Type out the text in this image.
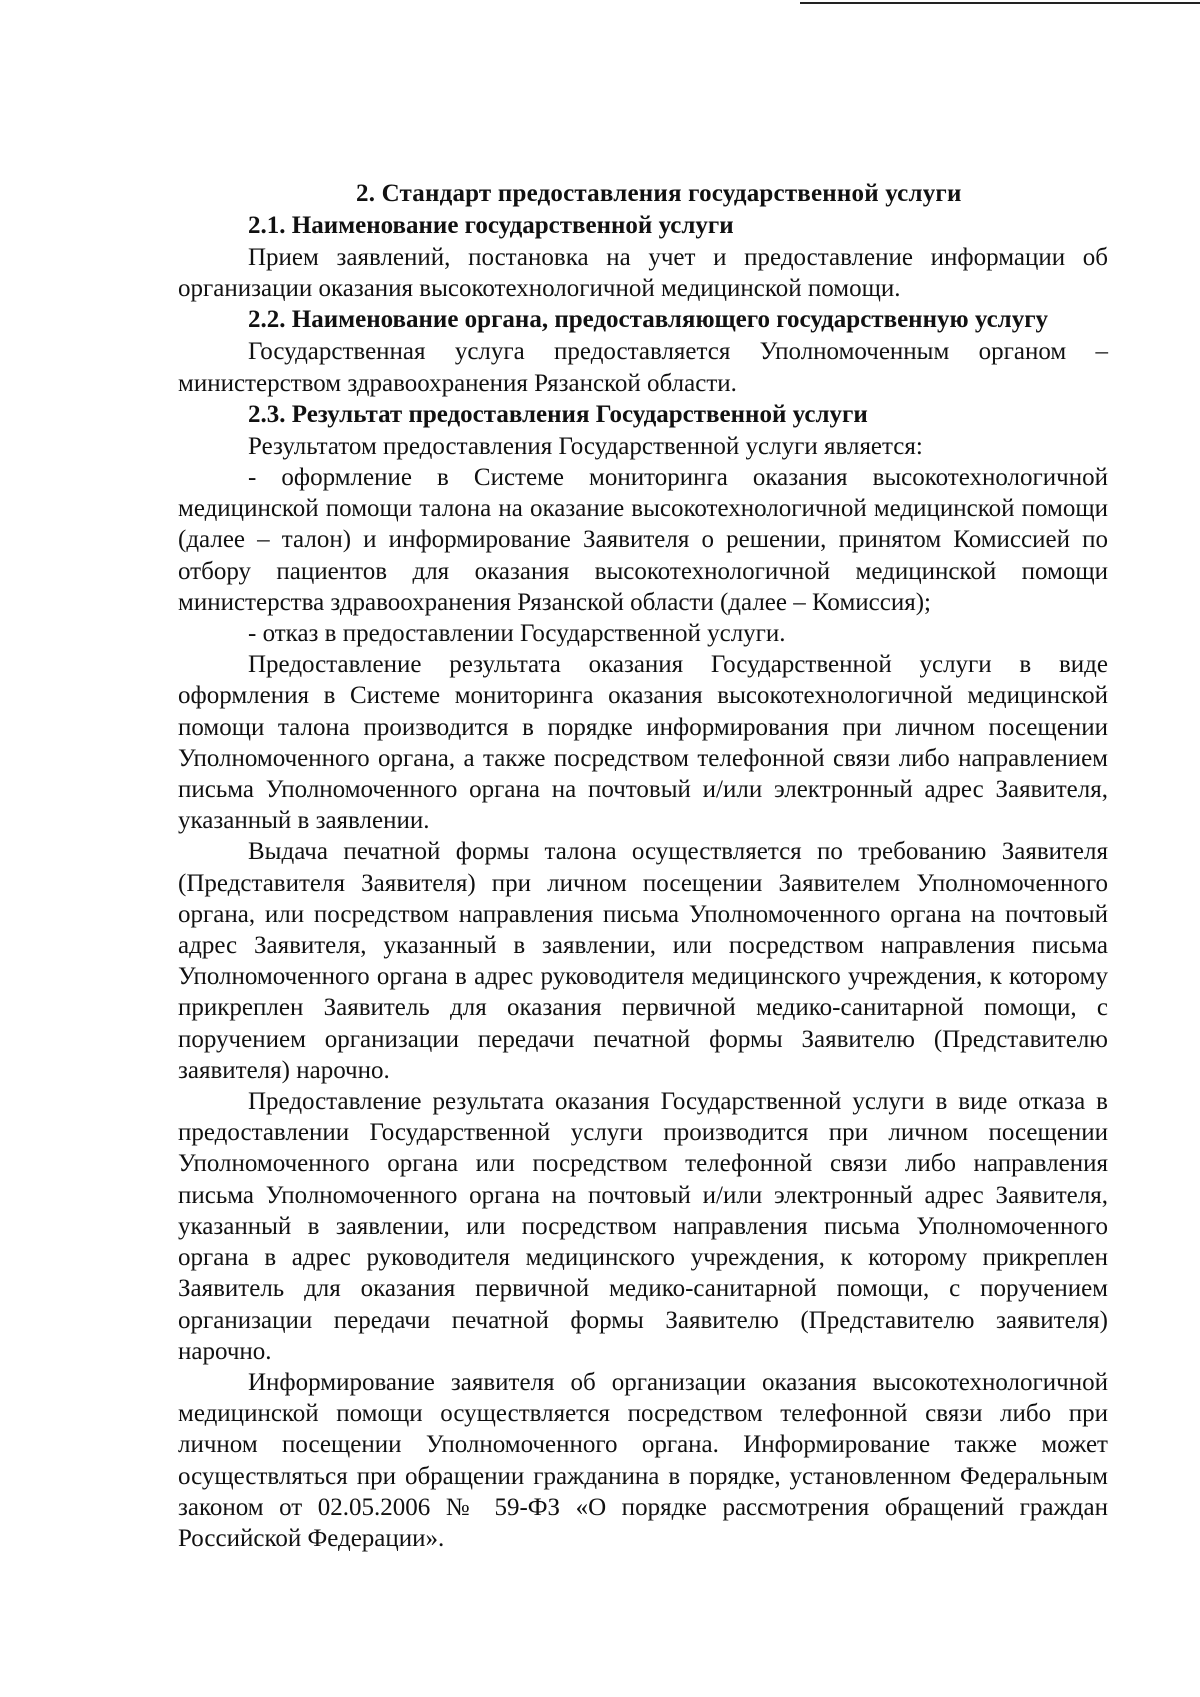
2. Стандарт предоставления государственной услуги

2.1. Наименование государственной услуги

Прием заявлений, постановка на учет и предоставление информации об организации оказания высокотехнологичной медицинской помощи.

2.2. Наименование органа, предоставляющего государственную услугу

Государственная услуга предоставляется Уполномоченным органом – министерством здравоохранения Рязанской области.

2.3. Результат предоставления Государственной услуги

Результатом предоставления Государственной услуги является:

- оформление в Системе мониторинга оказания высокотехнологичной медицинской помощи талона на оказание высокотехнологичной медицинской помощи (далее – талон) и информирование Заявителя о решении, принятом Комиссией по отбору пациентов для оказания высокотехнологичной медицинской помощи министерства здравоохранения Рязанской области (далее – Комиссия);

- отказ в предоставлении Государственной услуги.

Предоставление результата оказания Государственной услуги в виде оформления в Системе мониторинга оказания высокотехнологичной медицинской помощи талона производится в порядке информирования при личном посещении Уполномоченного органа, а также посредством телефонной связи либо направлением письма Уполномоченного органа на почтовый и/или электронный адрес Заявителя, указанный в заявлении.

Выдача печатной формы талона осуществляется по требованию Заявителя (Представителя Заявителя) при личном посещении Заявителем Уполномоченного органа, или посредством направления письма Уполномоченного органа на почтовый адрес Заявителя, указанный в заявлении, или посредством направления письма Уполномоченного органа в адрес руководителя медицинского учреждения, к которому прикреплен Заявитель для оказания первичной медико-санитарной помощи, с поручением организации передачи печатной формы Заявителю (Представителю заявителя) нарочно.

Предоставление результата оказания Государственной услуги в виде отказа в предоставлении Государственной услуги производится при личном посещении Уполномоченного органа или посредством телефонной связи либо направления письма Уполномоченного органа на почтовый и/или электронный адрес Заявителя, указанный в заявлении, или посредством направления письма Уполномоченного органа в адрес руководителя медицинского учреждения, к которому прикреплен Заявитель для оказания первичной медико-санитарной помощи, с поручением организации передачи печатной формы Заявителю (Представителю заявителя) нарочно.

Информирование заявителя об организации оказания высокотехнологичной медицинской помощи осуществляется посредством телефонной связи либо при личном посещении Уполномоченного органа. Информирование также может осуществляться при обращении гражданина в порядке, установленном Федеральным законом от 02.05.2006 № 59-ФЗ «О порядке рассмотрения обращений граждан Российской Федерации».
